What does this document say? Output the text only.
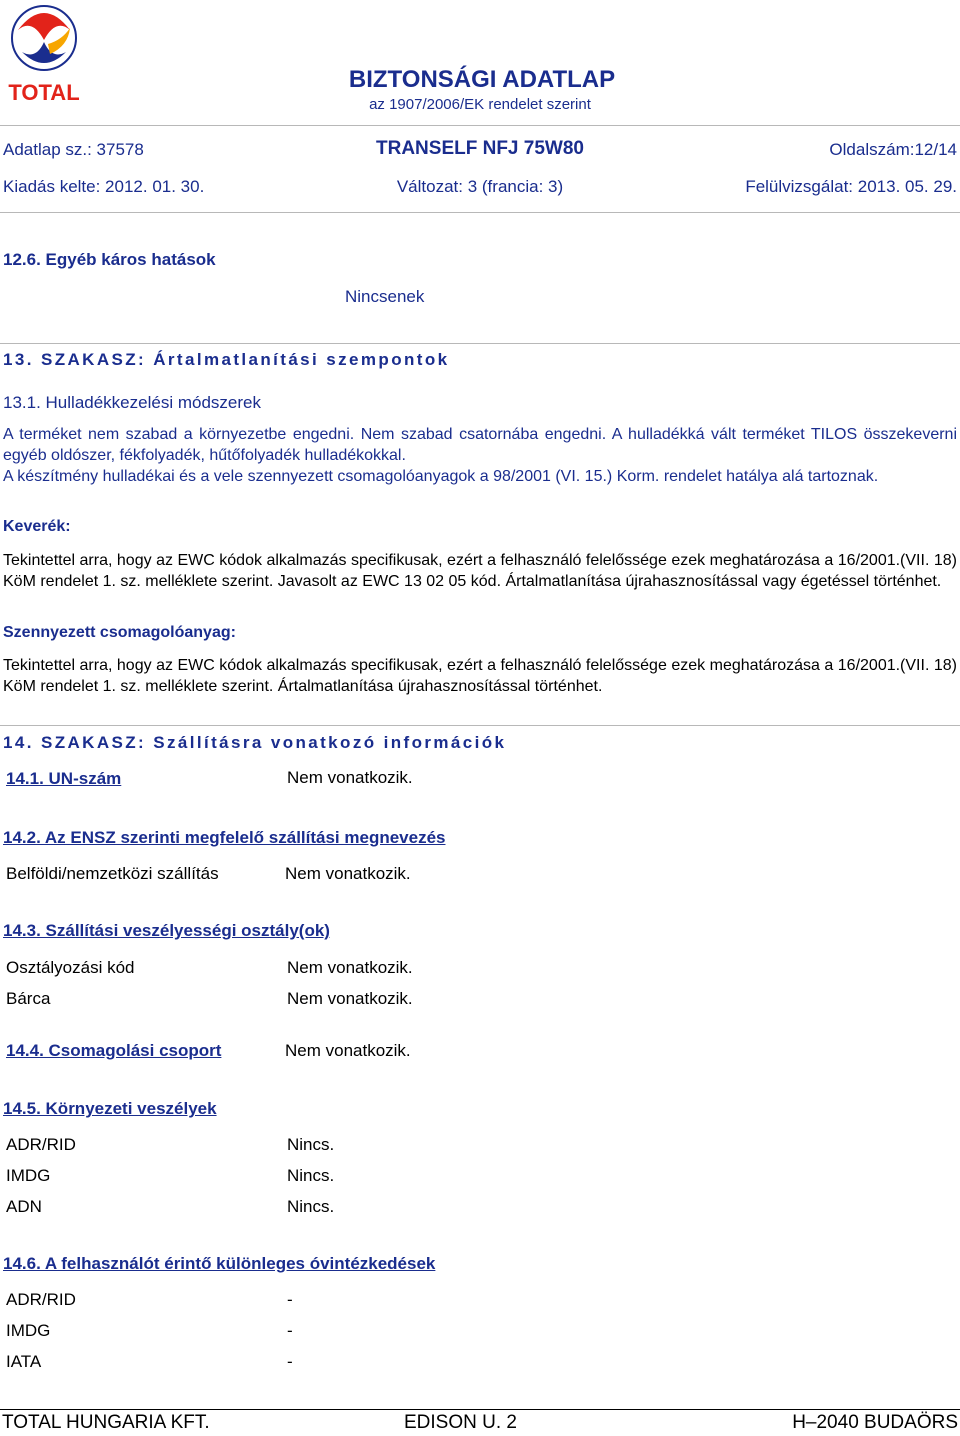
TOTAL	BIZTONSÁGI ADATLAP
az 1907/2006/EK rendelet szerint
Adatlap sz.: 37578	TRANSELF NFJ 75W80	Oldalszám:12/14
Kiadás kelte: 2012. 01. 30.	Változat: 3 (francia: 3)	Felülvizsgálat: 2013. 05. 29.
12.6. Egyéb káros hatások
Nincsenek
13. SZAKASZ: Ártalmatlanítási szempontok
13.1. Hulladékkezelési módszerek
A terméket nem szabad a környezetbe engedni. Nem szabad csatornába engedni. A hulladékká vált terméket TILOS összekeverni egyéb oldószer, fékfolyadék, hűtőfolyadék hulladékokkal.
A készítmény hulladékai és a vele szennyezett csomagolóanyagok a 98/2001 (VI. 15.) Korm. rendelet hatálya alá tartoznak.
Keverék:
Tekintettel arra, hogy az EWC kódok alkalmazás specifikusak, ezért a felhasználó felelőssége ezek meghatározása a 16/2001.(VII. 18) KöM rendelet 1. sz. melléklete szerint. Javasolt az EWC 13 02 05 kód. Ártalmatlanítása újrahasznosítással vagy égetéssel történhet.
Szennyezett csomagolóanyag:
Tekintettel arra, hogy az EWC kódok alkalmazás specifikusak, ezért a felhasználó felelőssége ezek meghatározása a 16/2001.(VII. 18) KöM rendelet 1. sz. melléklete szerint. Ártalmatlanítása újrahasznosítással történhet.
14. SZAKASZ: Szállításra vonatkozó információk
14.1. UN-szám	Nem vonatkozik.
14.2. Az ENSZ szerinti megfelelő szállítási megnevezés
Belföldi/nemzetközi szállítás	Nem vonatkozik.
14.3. Szállítási veszélyességi osztály(ok)
Osztályozási kód	Nem vonatkozik.
Bárca	Nem vonatkozik.
14.4. Csomagolási csoport	Nem vonatkozik.
14.5. Környezeti veszélyek
ADR/RID	Nincs.
IMDG	Nincs.
ADN	Nincs.
14.6. A felhasználót érintő különleges óvintézkedések
ADR/RID	-
IMDG	-
IATA	-
TOTAL HUNGARIA KFT.	EDISON U. 2	H–2040 BUDAÖRS
